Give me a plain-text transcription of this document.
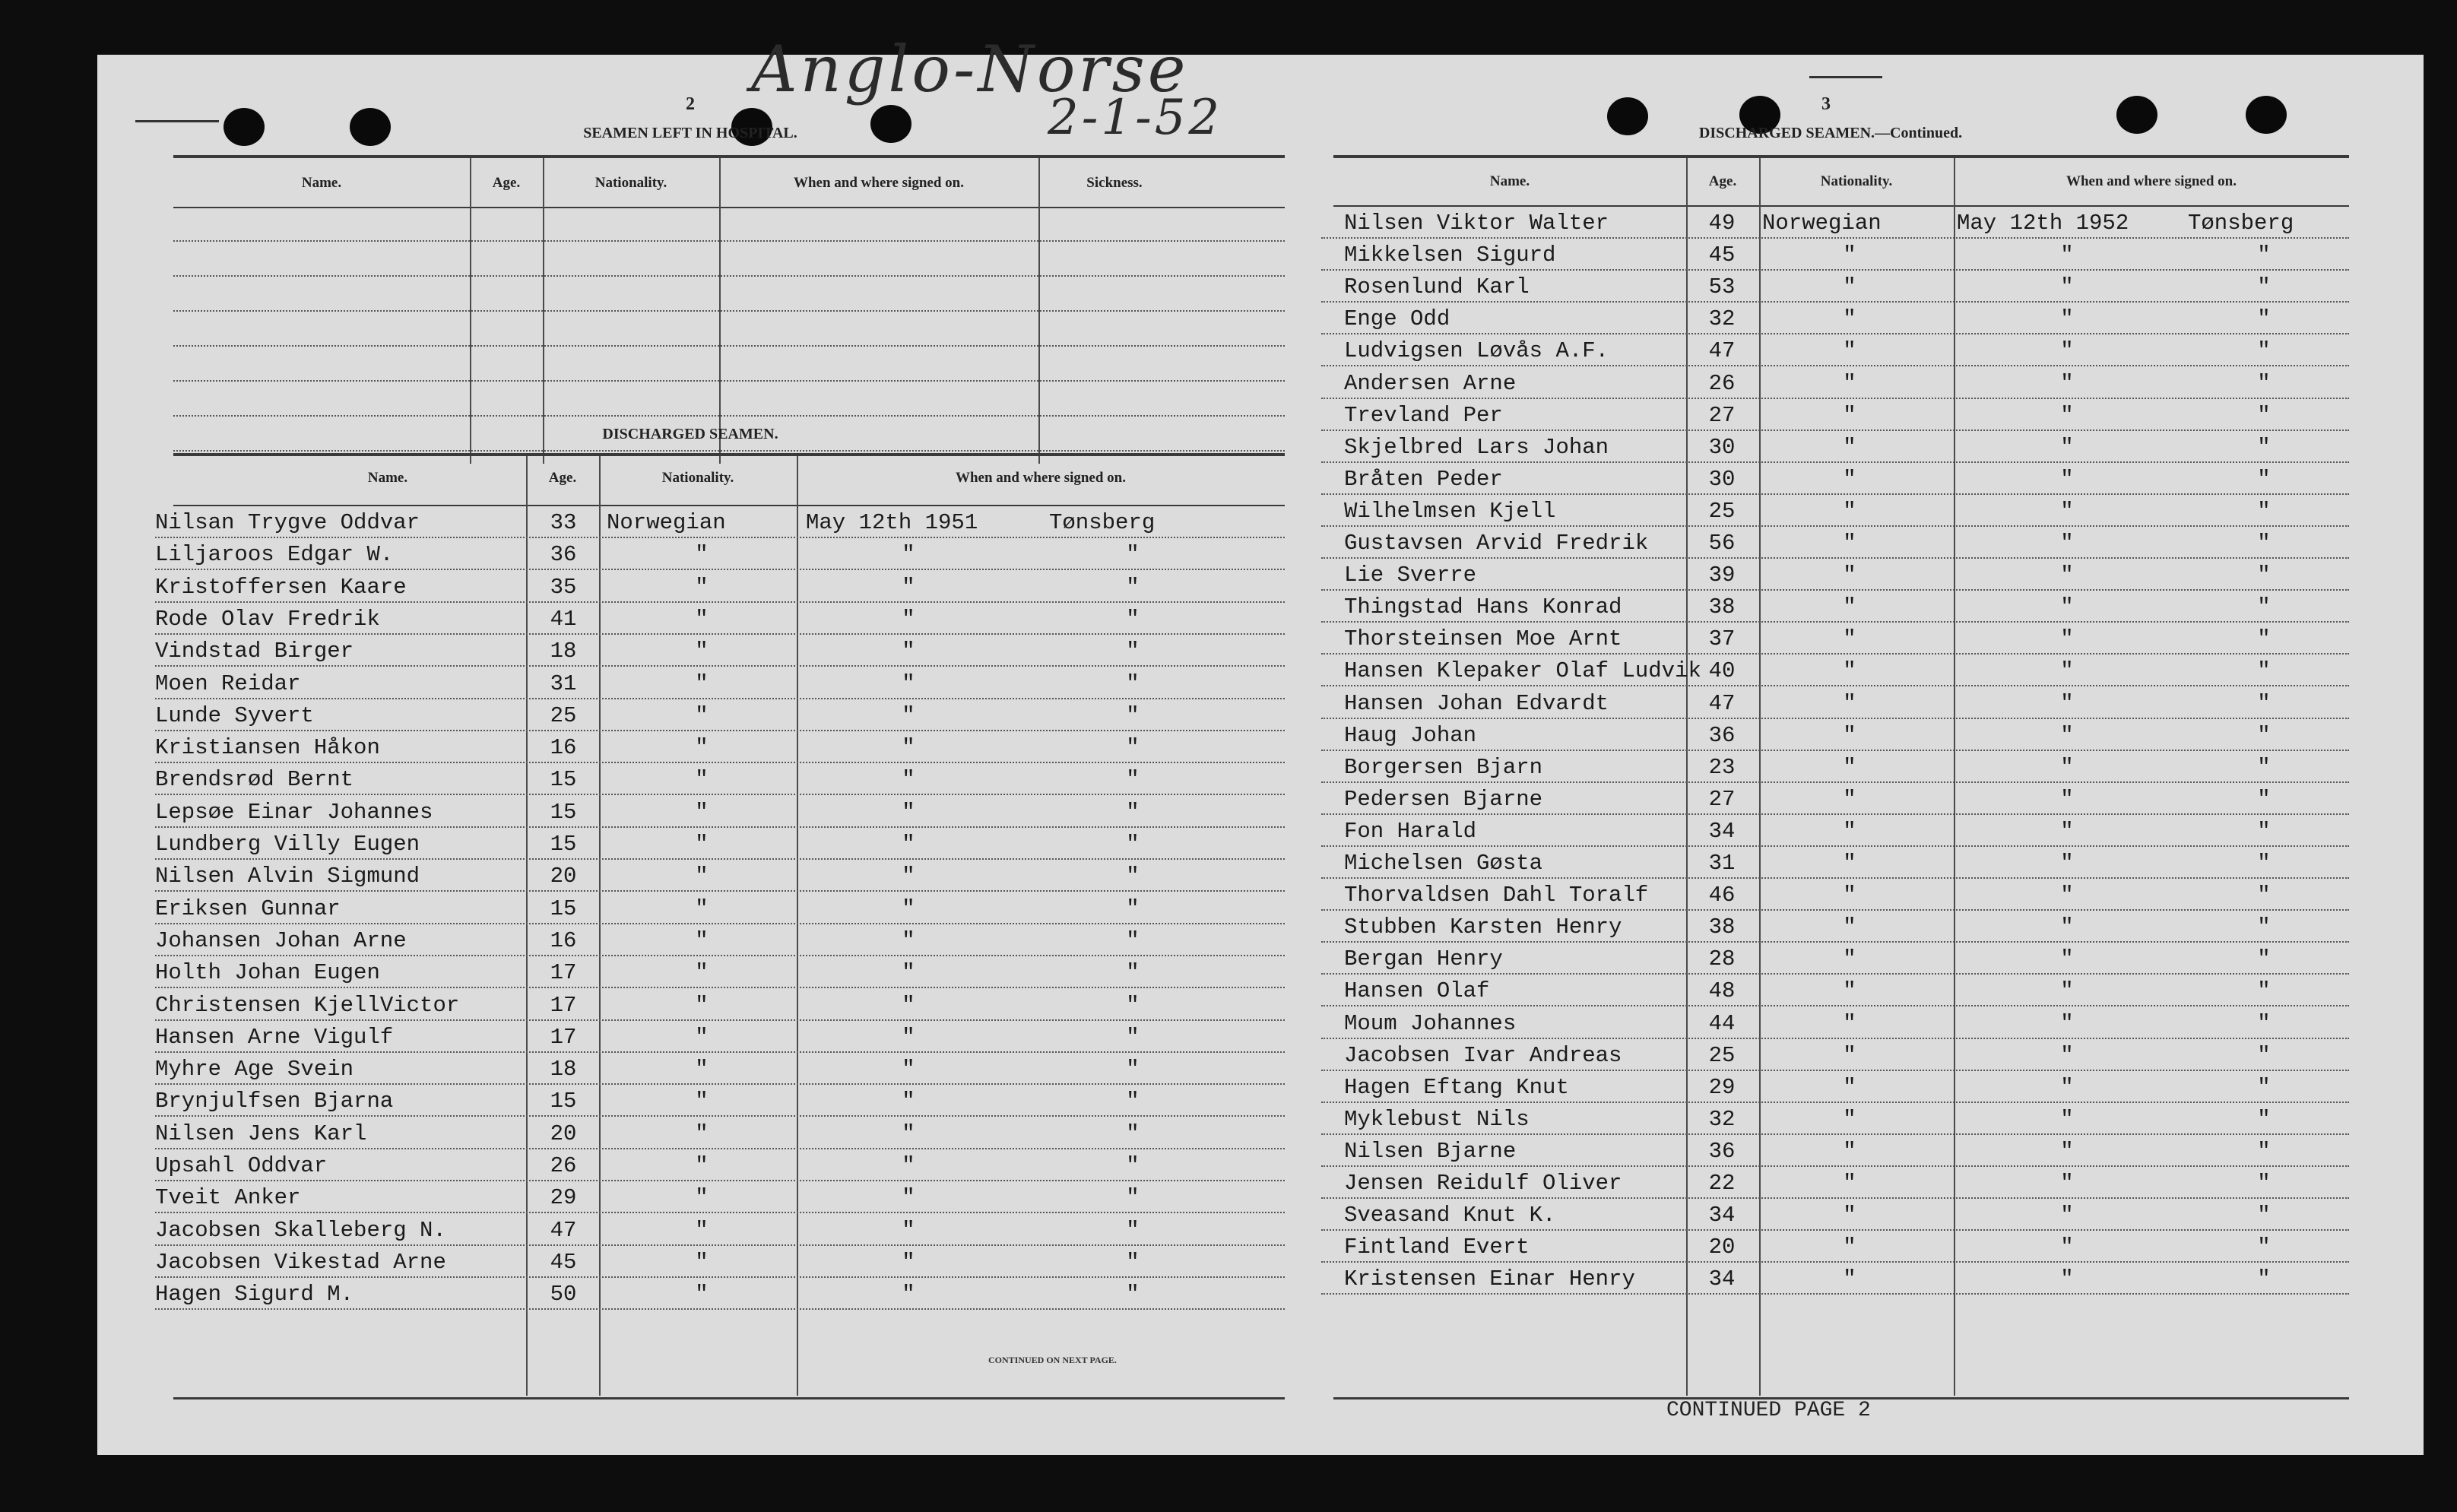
Anglo-Norse
2-1-52
2
SEAMEN LEFT IN HOSPITAL.
Name.	Age.	Nationality.	When and where signed on.	Sickness.
DISCHARGED SEAMEN.
Name.	Age.	Nationality.	When and where signed on.
Nilsan Trygve Oddvar	33	Norwegian	May 12th 1951	Tønsberg
Liljaroos Edgar W.	36	"	"	"
Kristoffersen Kaare	35	"	"	"
Rode Olav Fredrik	41	"	"	"
Vindstad Birger	18	"	"	"
Moen Reidar	31	"	"	"
Lunde Syvert	25	"	"	"
Kristiansen Håkon	16	"	"	"
Brendsrød Bernt	15	"	"	"
Lepsøe Einar Johannes	15	"	"	"
Lundberg Villy Eugen	15	"	"	"
Nilsen Alvin Sigmund	20	"	"	"
Eriksen Gunnar	15	"	"	"
Johansen Johan Arne	16	"	"	"
Holth Johan Eugen	17	"	"	"
Christensen KjellVictor	17	"	"	"
Hansen Arne Vigulf	17	"	"	"
Myhre Age Svein	18	"	"	"
Brynjulfsen Bjarna	15	"	"	"
Nilsen Jens Karl	20	"	"	"
Upsahl Oddvar	26	"	"	"
Tveit Anker	29	"	"	"
Jacobsen Skalleberg N.	47	"	"	"
Jacobsen Vikestad Arne	45	"	"	"
Hagen Sigurd M.	50	"	"	"
CONTINUED ON NEXT PAGE.
3
DISCHARGED SEAMEN.—Continued.
Name.	Age.	Nationality.	When and where signed on.
Nilsen Viktor Walter	49	Norwegian	May 12th 1952	Tønsberg
Mikkelsen Sigurd	45	"	"	"
Rosenlund Karl	53	"	"	"
Enge Odd	32	"	"	"
Ludvigsen Løvås A.F.	47	"	"	"
Andersen Arne	26	"	"	"
Trevland Per	27	"	"	"
Skjelbred Lars Johan	30	"	"	"
Bråten Peder	30	"	"	"
Wilhelmsen Kjell	25	"	"	"
Gustavsen Arvid Fredrik	56	"	"	"
Lie Sverre	39	"	"	"
Thingstad Hans Konrad	38	"	"	"
Thorsteinsen Moe Arnt	37	"	"	"
Hansen Klepaker Olaf Ludvik 40	"	"	"
Hansen Johan Edvardt	47	"	"	"
Haug Johan	36	"	"	"
Borgersen Bjarn	23	"	"	"
Pedersen Bjarne	27	"	"	"
Fon Harald	34	"	"	"
Michelsen Gøsta	31	"	"	"
Thorvaldsen Dahl Toralf	46	"	"	"
Stubben Karsten Henry	38	"	"	"
Bergan Henry	28	"	"	"
Hansen Olaf	48	"	"	"
Moum Johannes	44	"	"	"
Jacobsen Ivar Andreas	25	"	"	"
Hagen Eftang Knut	29	"	"	"
Myklebust Nils	32	"	"	"
Nilsen Bjarne	36	"	"	"
Jensen Reidulf Oliver	22	"	"	"
Sveasand Knut K.	34	"	"	"
Fintland Evert	20	"	"	"
Kristensen Einar Henry	34	"	"	"
CONTINUED PAGE 2
